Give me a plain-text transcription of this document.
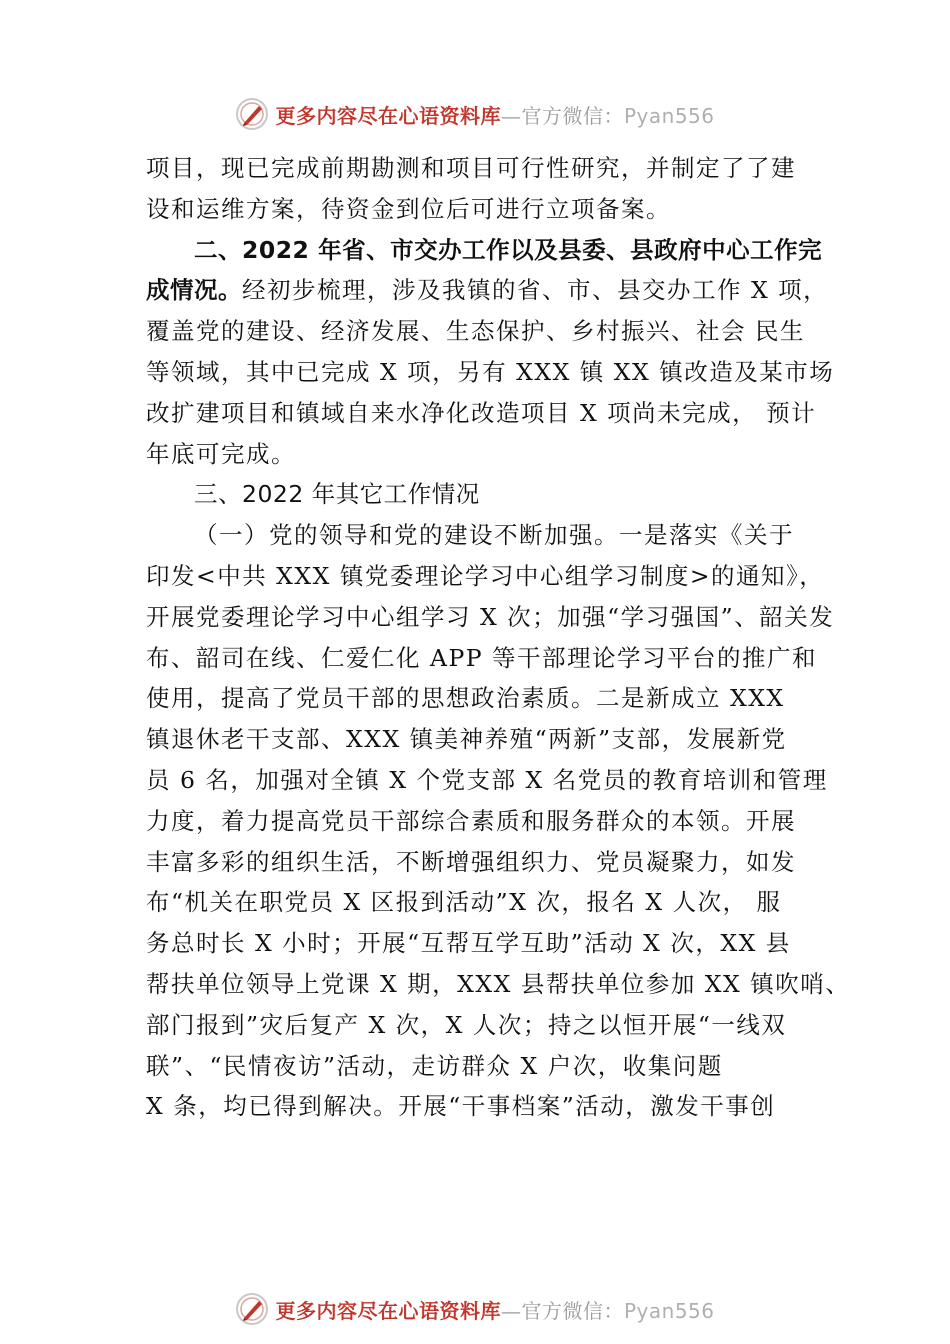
更多内容尽在心语资料库—官方微信：Pyan556
项目，现已完成前期勘测和项目可行性研究，并制定了了建
设和运维方案，待资金到位后可进行立项备案。
二、2022 年省、市交办工作以及县委、县政府中心工作完
成情况。经初步梳理，涉及我镇的省、市、县交办工作 X 项，
覆盖党的建设、经济发展、生态保护、乡村振兴、社会 民生
等领域，其中已完成 X 项，另有 XXX 镇 XX 镇改造及某市场
改扩建项目和镇域自来水净化改造项目 X 项尚未完成， 预计
年底可完成。
三、2022 年其它工作情况
（一）党的领导和党的建设不断加强。一是落实《关于
印发<中共 XXX 镇党委理论学习中心组学习制度>的通知》，
开展党委理论学习中心组学习 X 次；加强“学习强国”、韶关发
布、韶司在线、仁爱仁化 APP 等干部理论学习平台的推广和
使用，提高了党员干部的思想政治素质。二是新成立 XXX
镇退休老干支部、XXX 镇美神养殖“两新”支部，发展新党
员 6 名，加强对全镇 X 个党支部 X 名党员的教育培训和管理
力度，着力提高党员干部综合素质和服务群众的本领。开展
丰富多彩的组织生活，不断增强组织力、党员凝聚力，如发
布“机关在职党员 X 区报到活动”X 次，报名 X 人次， 服
务总时长 X 小时；开展“互帮互学互助”活动 X 次，XX 县
帮扶单位领导上党课 X 期，XXX 县帮扶单位参加 XX 镇吹哨、
部门报到”灾后复产 X 次，X 人次；持之以恒开展“一线双
联”、“民情夜访”活动，走访群众 X 户次，收集问题
X 条，均已得到解决。开展“干事档案”活动，激发干事创
更多内容尽在心语资料库—官方微信：Pyan556
